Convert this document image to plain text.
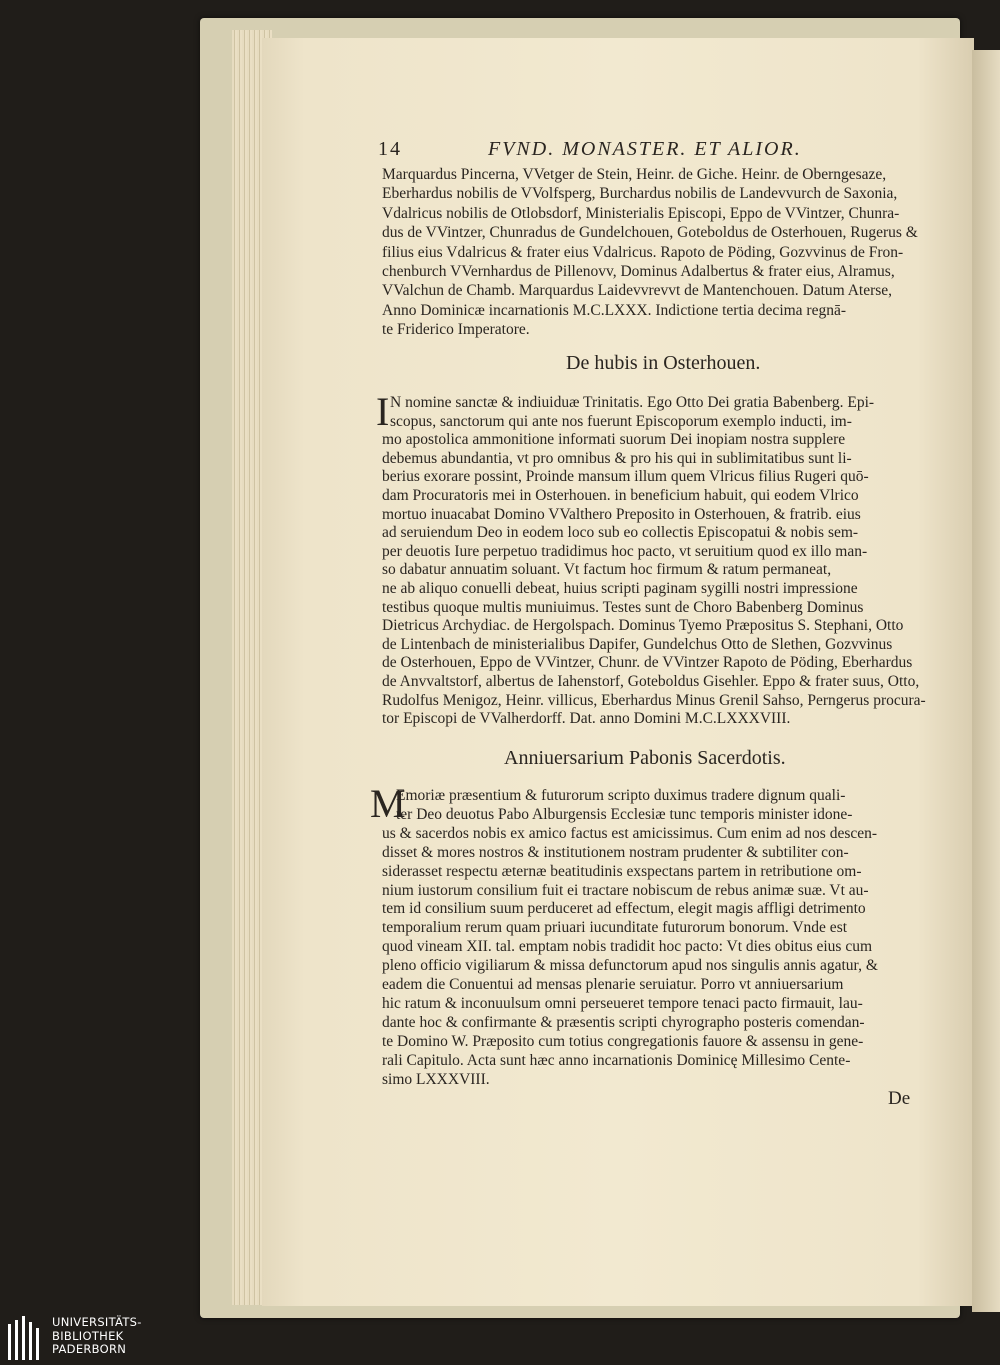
14	FVND. MONASTER. ET ALIOR.
Marquardus Pincerna, VVetger de Stein, Heinr. de Giche. Heinr. de Oberngesaze,
Eberhardus nobilis de VVolfsperg, Burchardus nobilis de Landevvurch de Saxonia,
Vdalricus nobilis de Otlobsdorf, Ministerialis Episcopi, Eppo de VVintzer, Chunra-
dus de VVintzer, Chunradus de Gundelchouen, Goteboldus de Osterhouen, Rugerus &
filius eius Vdalricus & frater eius Vdalricus. Rapoto de Pöding, Gozvvinus de Fron-
chenburch VVernhardus de Pillenovv, Dominus Adalbertus & frater eius, Alramus,
VValchun de Chamb. Marquardus Laidevvrevvt de Mantenchouen. Datum Aterse,
Anno Dominicæ incarnationis M.C.LXXX. Indictione tertia decima regnā-
te Friderico Imperatore.
De hubis in Osterhouen.
I N nomine sanctæ & indiuiduæ Trinitatis. Ego Otto Dei gratia Babenberg. Epi-
scopus, sanctorum qui ante nos fuerunt Episcoporum exemplo inducti, im-
mo apostolica ammonitione informati suorum Dei inopiam nostra supplere
debemus abundantia, vt pro omnibus & pro his qui in sublimitatibus sunt li-
berius exorare possint, Proinde mansum illum quem Vlricus filius Rugeri quō-
dam Procuratoris mei in Osterhouen. in beneficium habuit, qui eodem Vlrico
mortuo inuacabat Domino VValthero Preposito in Osterhouen, & fratrib. eius
ad seruiendum Deo in eodem loco sub eo collectis Episcopatui & nobis sem-
per deuotis Iure perpetuo tradidimus hoc pacto, vt seruitium quod ex illo man-
so dabatur annuatim soluant. Vt factum hoc firmum & ratum permaneat,
ne ab aliquo conuelli debeat, huius scripti paginam sygilli nostri impressione
testibus quoque multis muniuimus. Testes sunt de Choro Babenberg Dominus
Dietricus Archydiac. de Hergolspach. Dominus Tyemo Præpositus S. Stephani, Otto
de Lintenbach de ministerialibus Dapifer, Gundelchus Otto de Slethen, Gozvvinus
de Osterhouen, Eppo de VVintzer, Chunr. de VVintzer Rapoto de Pöding, Eberhardus
de Anvvaltstorf, albertus de Iahenstorf, Goteboldus Gisehler. Eppo & frater suus, Otto,
Rudolfus Menigoz, Heinr. villicus, Eberhardus Minus Grenil Sahso, Perngerus procura-
tor Episcopi de VValherdorff. Dat. anno Domini M.C.LXXXVIII.
Anniuersarium Pabonis Sacerdotis.
M
Emoriæ præsentium & futurorum scripto duximus tradere dignum quali-
ter Deo deuotus Pabo Alburgensis Ecclesiæ tunc temporis minister idone-
us & sacerdos nobis ex amico factus est amicissimus. Cum enim ad nos descen-
disset & mores nostros & institutionem nostram prudenter & subtiliter con-
siderasset respectu æternæ beatitudinis exspectans partem in retributione om-
nium iustorum consilium fuit ei tractare nobiscum de rebus animæ suæ. Vt au-
tem id consilium suum perduceret ad effectum, elegit magis affligi detrimento
temporalium rerum quam priuari iucunditate futurorum bonorum. Vnde est
quod vineam XII. tal. emptam nobis tradidit hoc pacto: Vt dies obitus eius cum
pleno officio vigiliarum & missa defunctorum apud nos singulis annis agatur, &
eadem die Conuentui ad mensas plenarie seruiatur. Porro vt anniuersarium
hic ratum & inconuulsum omni perseueret tempore tenaci pacto firmauit, lau-
dante hoc & confirmante & præsentis scripti chyrographo posteris comendan-
te Domino W. Præposito cum totius congregationis fauore & assensu in gene-
rali Capitulo. Acta sunt hæc anno incarnationis Dominicę Millesimo Cente-
simo LXXXVIII.
De
UNIVERSITÄTS-
BIBLIOTHEK
PADERBORN
